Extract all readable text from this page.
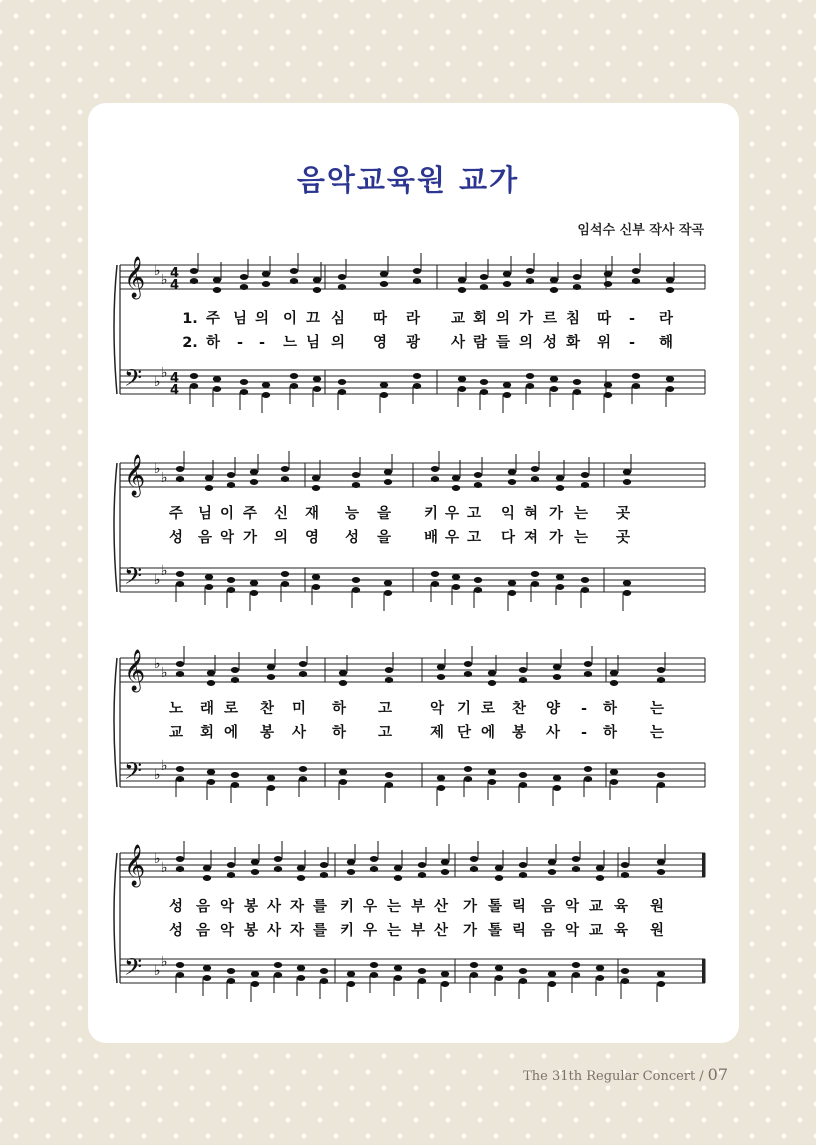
음악교육원 교가
임석수 신부 작사 작곡
𝄞
𝄢
♭
♭
♭
♭
4
4
4
4
1. 주 님 의 이 끄 심 따 라 교 회 의 가 르 침 따 - 라
2. 하 - - 느 님 의 영 광 사 람 들 의 성 화 위 - 해
𝄞
𝄢
♭
♭
♭
♭
주 님 이 주 신 재 능 을 키 우 고 익 혀 가 는 곳
성 음 악 가 의 영 성 을 배 우 고 다 져 가 는 곳
𝄞
𝄢
♭
♭
♭
♭
노 래 로 찬 미 하 고	악 기 로 찬 양 - 하 는
교 회 에 봉 사 하 고	제 단 에 봉 사 - 하 는
𝄞
𝄢
♭
♭
♭
♭
성 음 악 봉 사 자 를 키 우 는 부 산 가 톨 릭 음 악 교 육 원
성 음 악 봉 사 자 를 키 우 는 부 산 가 톨 릭 음 악 교 육 원
The 31th Regular Concert / 07
